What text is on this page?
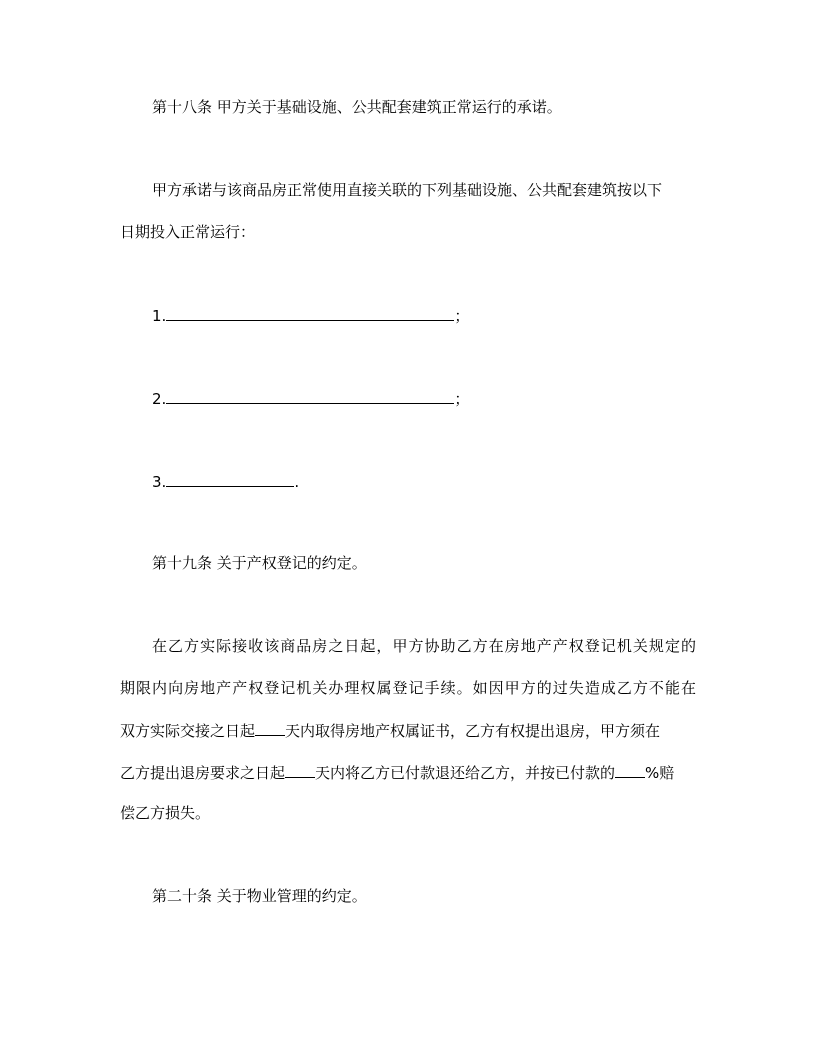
第十八条 甲方关于基础设施、公共配套建筑正常运行的承诺。
甲方承诺与该商品房正常使用直接关联的下列基础设施、公共配套建筑按以下
日期投入正常运行：
1.	；
2.	；
3.	.
第十九条 关于产权登记的约定。
在乙方实际接收该商品房之日起，甲方协助乙方在房地产产权登记机关规定的
期限内向房地产产权登记机关办理权属登记手续。如因甲方的过失造成乙方不能在
双方实际交接之日起 天内取得房地产权属证书，乙方有权提出退房，甲方须在
乙方提出退房要求之日起 天内将乙方已付款退还给乙方，并按已付款的 %赔
偿乙方损失。
第二十条 关于物业管理的约定。
